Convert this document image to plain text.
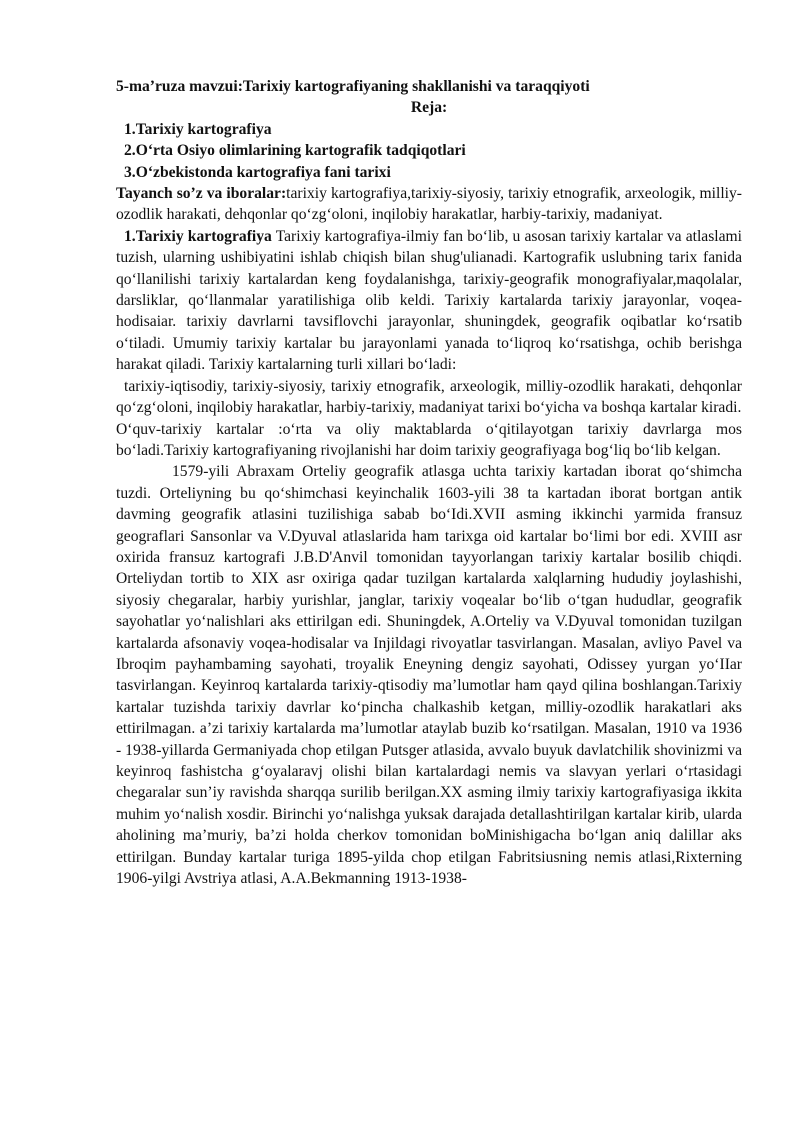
5-ma’ruza mavzui:Tarixiy kartografiyaning shakllanishi va taraqqiyoti

Reja:

1.Tarixiy kartografiya
2.O‘rta Osiyo olimlarining kartografik tadqiqotlari
3.O‘zbekistonda kartografiya fani tarixi

Tayanch so’z va iboralar:tarixiy kartografiya,tarixiy-siyosiy, tarixiy etnografik, arxeologik, milliy-ozodlik harakati, dehqonlar qo‘zg‘oloni, inqilobiy harakatlar, harbiy-tarixiy, madaniyat.

1.Tarixiy kartografiya Tarixiy kartografiya-ilmiy fan bo‘lib, u asosan tarixiy kartalar va atlaslami tuzish, ularning ushibiyatini ishlab chiqish bilan shug'ulianadi. Kartografik uslubning tarix fanida qo‘llanilishi tarixiy kartalardan keng foydalanishga, tarixiy-geografik monografiyalar,maqolalar, darsliklar, qo‘llanmalar yaratilishiga olib keldi. Tarixiy kartalarda tarixiy jarayonlar, voqea-hodisaiar. tarixiy davrlarni tavsiflovchi jarayonlar, shuningdek, geografik oqibatlar ko‘rsatib o‘tiladi. Umumiy tarixiy kartalar bu jarayonlami yanada to‘liqroq ko‘rsatishga, ochib berishga harakat qiladi. Tarixiy kartalarning turli xillari bo‘ladi:

tarixiy-iqtisodiy, tarixiy-siyosiy, tarixiy etnografik, arxeologik, milliy-ozodlik harakati, dehqonlar qo‘zg‘oloni, inqilobiy harakatlar, harbiy-tarixiy, madaniyat tarixi bo‘yicha va boshqa kartalar kiradi.

O‘quv-tarixiy kartalar :o‘rta va oliy maktablarda o‘qitilayotgan tarixiy davrlarga mos bo‘ladi.Tarixiy kartografiyaning rivojlanishi har doim tarixiy geografiyaga bog‘liq bo‘lib kelgan.

1579-yili Abraxam Orteliy geografik atlasga uchta tarixiy kartadan iborat qo‘shimcha tuzdi. Orteliyning bu qo‘shimchasi keyinchalik 1603-yili 38 ta kartadan iborat bortgan antik davming geografik atlasini tuzilishiga sabab bo‘Idi.XVII asming ikkinchi yarmida fransuz geograflari Sansonlar va V.Dyuval atlaslarida ham tarixga oid kartalar bo‘limi bor edi. XVIII asr oxirida fransuz kartografi J.B.D'Anvil tomonidan tayyorlangan tarixiy kartalar bosilib chiqdi. Orteliydan tortib to XIX asr oxiriga qadar tuzilgan kartalarda xalqlarning hududiy joylashishi, siyosiy chegaralar, harbiy yurishlar, janglar, tarixiy voqealar bo‘lib o‘tgan hududlar, geografik sayohatlar yo‘nalishlari aks ettirilgan edi. Shuningdek, A.Orteliy va V.Dyuval tomonidan tuzilgan kartalarda afsonaviy voqea-hodisalar va Injildagi rivoyatlar tasvirlangan. Masalan, avliyo Pavel va Ibroqim payhambaming sayohati, troyalik Eneyning dengiz sayohati, Odissey yurgan yo‘IIar tasvirlangan. Keyinroq kartalarda tarixiy-qtisodiy ma’lumotlar ham qayd qilina boshlangan.Tarixiy kartalar tuzishda tarixiy davrlar ko‘pincha chalkashib ketgan, milliy-ozodlik harakatlari aks ettirilmagan. a’zi tarixiy kartalarda ma’lumotlar ataylab buzib ko‘rsatilgan. Masalan, 1910 va 1936 - 1938-yillarda Germaniyada chop etilgan Putsger atlasida, avvalo buyuk davlatchilik shovinizmi va keyinroq fashistcha g‘oyalaravj olishi bilan kartalardagi nemis va slavyan yerlari o‘rtasidagi chegaralar sun’iy ravishda sharqqa surilib berilgan.XX asming ilmiy tarixiy kartografiyasiga ikkita muhim yo‘nalish xosdir. Birinchi yo‘nalishga yuksak darajada detallashtirilgan kartalar kirib, ularda aholining ma’muriy, ba’zi holda cherkov tomonidan boMinishigacha bo‘lgan aniq dalillar aks ettirilgan. Bunday kartalar turiga 1895-yilda chop etilgan Fabritsiusning nemis atlasi,Rixterning 1906-yilgi Avstriya atlasi, A.A.Bekmanning 1913-1938-
